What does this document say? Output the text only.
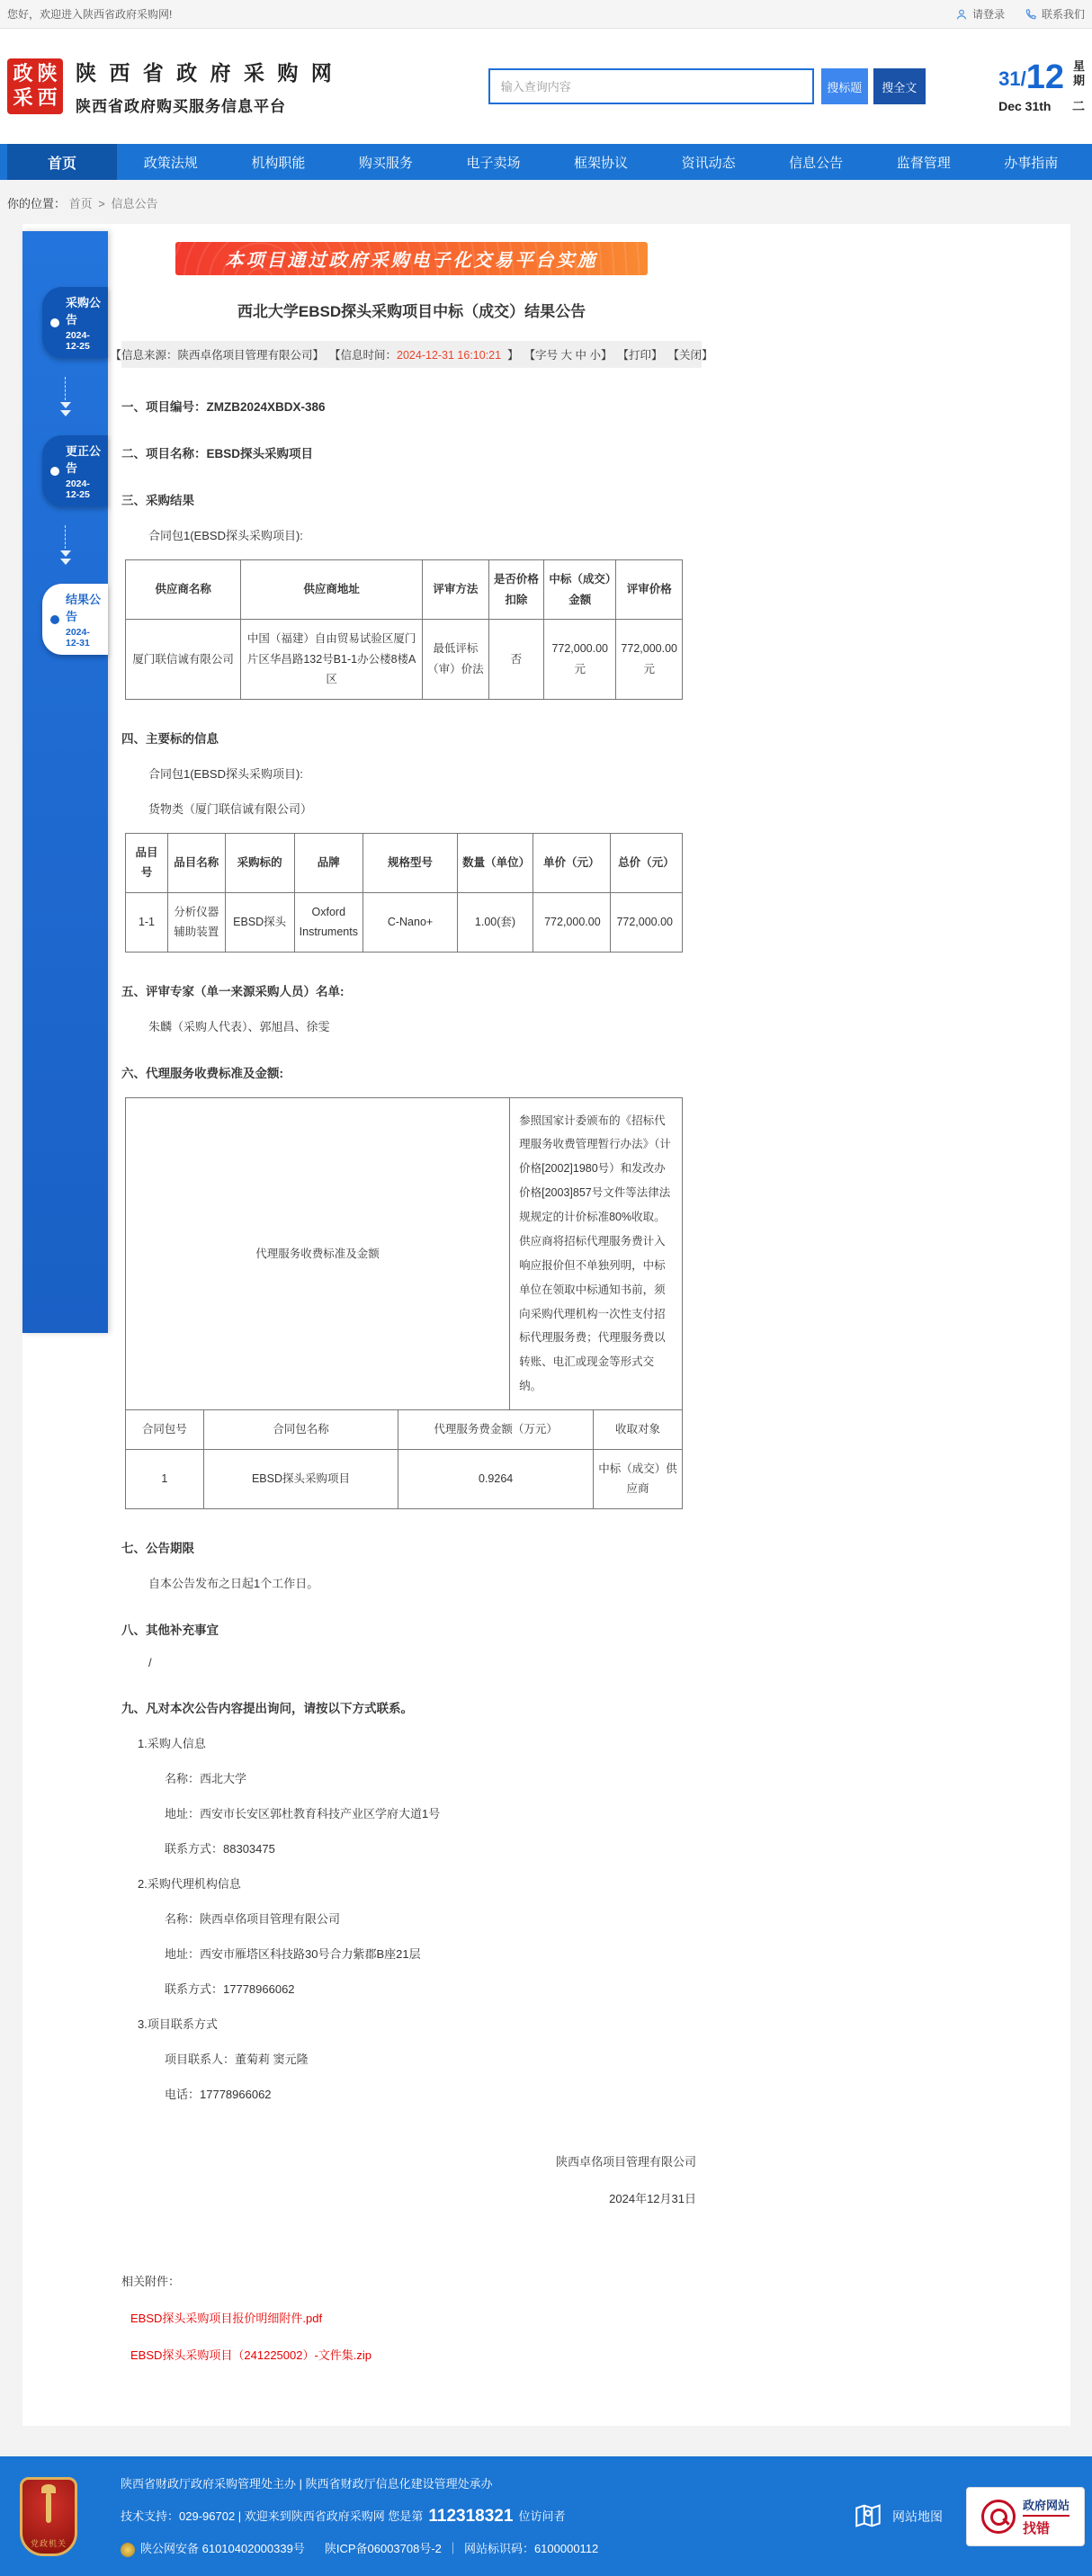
您好，欢迎进入陕西省政府采购网!	请登录	联系我们
政 陕
采 西
陕 西 省 政 府 采 购 网
陕西省政府购买服务信息平台
输入查询内容
搜标题	搜全文	31 / 12 星
期
Dec 31th 二
首页	政策法规	机构职能	购买服务	电子卖场	框架协议	资讯动态	信息公告	监督管理	办事指南
你的位置： 首页 > 信息公告
采购公告
2024-12-25
更正公告
2024-12-25
结果公告
2024-12-31
本项目通过政府采购电子化交易平台实施
西北大学EBSD探头采购项目中标（成交）结果公告
【信息来源：陕西卓佲项目管理有限公司】 【信息时间：2024-12-31 16:10:21 】 【字号 大 中 小】 【打印】 【关闭】
一、项目编号：ZMZB2024XBDX-386
二、项目名称：EBSD探头采购项目
三、采购结果
合同包1(EBSD探头采购项目):
供应商名称	供应商地址	评审方法	是否价格扣除	中标（成交）金额	评审价格
厦门联信诚有限公司	中国（福建）自由贸易试验区厦门片区华昌路132号B1-1办公楼8楼A区	最低评标（审）价法	否	772,000.00元	772,000.00元
四、主要标的信息
合同包1(EBSD探头采购项目):
货物类（厦门联信诚有限公司）
品目号	品目名称	采购标的	品牌	规格型号	数量（单位）	单价（元）	总价（元）
1-1	分析仪器辅助装置	EBSD探头	Oxford Instruments	C-Nano+	1.00(套)	772,000.00	772,000.00
五、评审专家（单一来源采购人员）名单:
朱麟（采购人代表）、郭旭昌、徐雯
六、代理服务收费标准及金额:
代理服务收费标准及金额	参照国家计委颁布的《招标代理服务收费管理暂行办法》（计价格[2002]1980号）和发改办价格[2003]857号文件等法律法规规定的计价标准80%收取。供应商将招标代理服务费计入响应报价但不单独列明，中标单位在领取中标通知书前，须向采购代理机构一次性支付招标代理服务费；代理服务费以转账、电汇或现金等形式交纳。
合同包号	合同包名称	代理服务费金额（万元）	收取对象
1	EBSD探头采购项目	0.9264	中标（成交）供应商
七、公告期限
自本公告发布之日起1个工作日。
八、其他补充事宜
/
九、凡对本次公告内容提出询问，请按以下方式联系。
1.采购人信息
名称：西北大学
地址：西安市长安区郭杜教育科技产业区学府大道1号
联系方式：88303475
2.采购代理机构信息
名称：陕西卓佲项目管理有限公司
地址：西安市雁塔区科技路30号合力紫郡B座21层
联系方式：17778966062
3.项目联系方式
项目联系人：董菊莉 窦元隆
电话：17778966062
陕西卓佲项目管理有限公司
2024年12月31日
相关附件：
EBSD探头采购项目报价明细附件.pdf
EBSD探头采购项目（241225002）-文件集.zip
党政机关
陕西省财政厅政府采购管理处主办 | 陕西省财政厅信息化建设管理处承办
技术支持：029-96702 | 欢迎来到陕西省政府采购网 您是第 112318321 位访问者
陕公网安备 61010402000339号 陕ICP备06003708号-2 ｜ 网站标识码：6100000112
网站地图
政府网站
找错
